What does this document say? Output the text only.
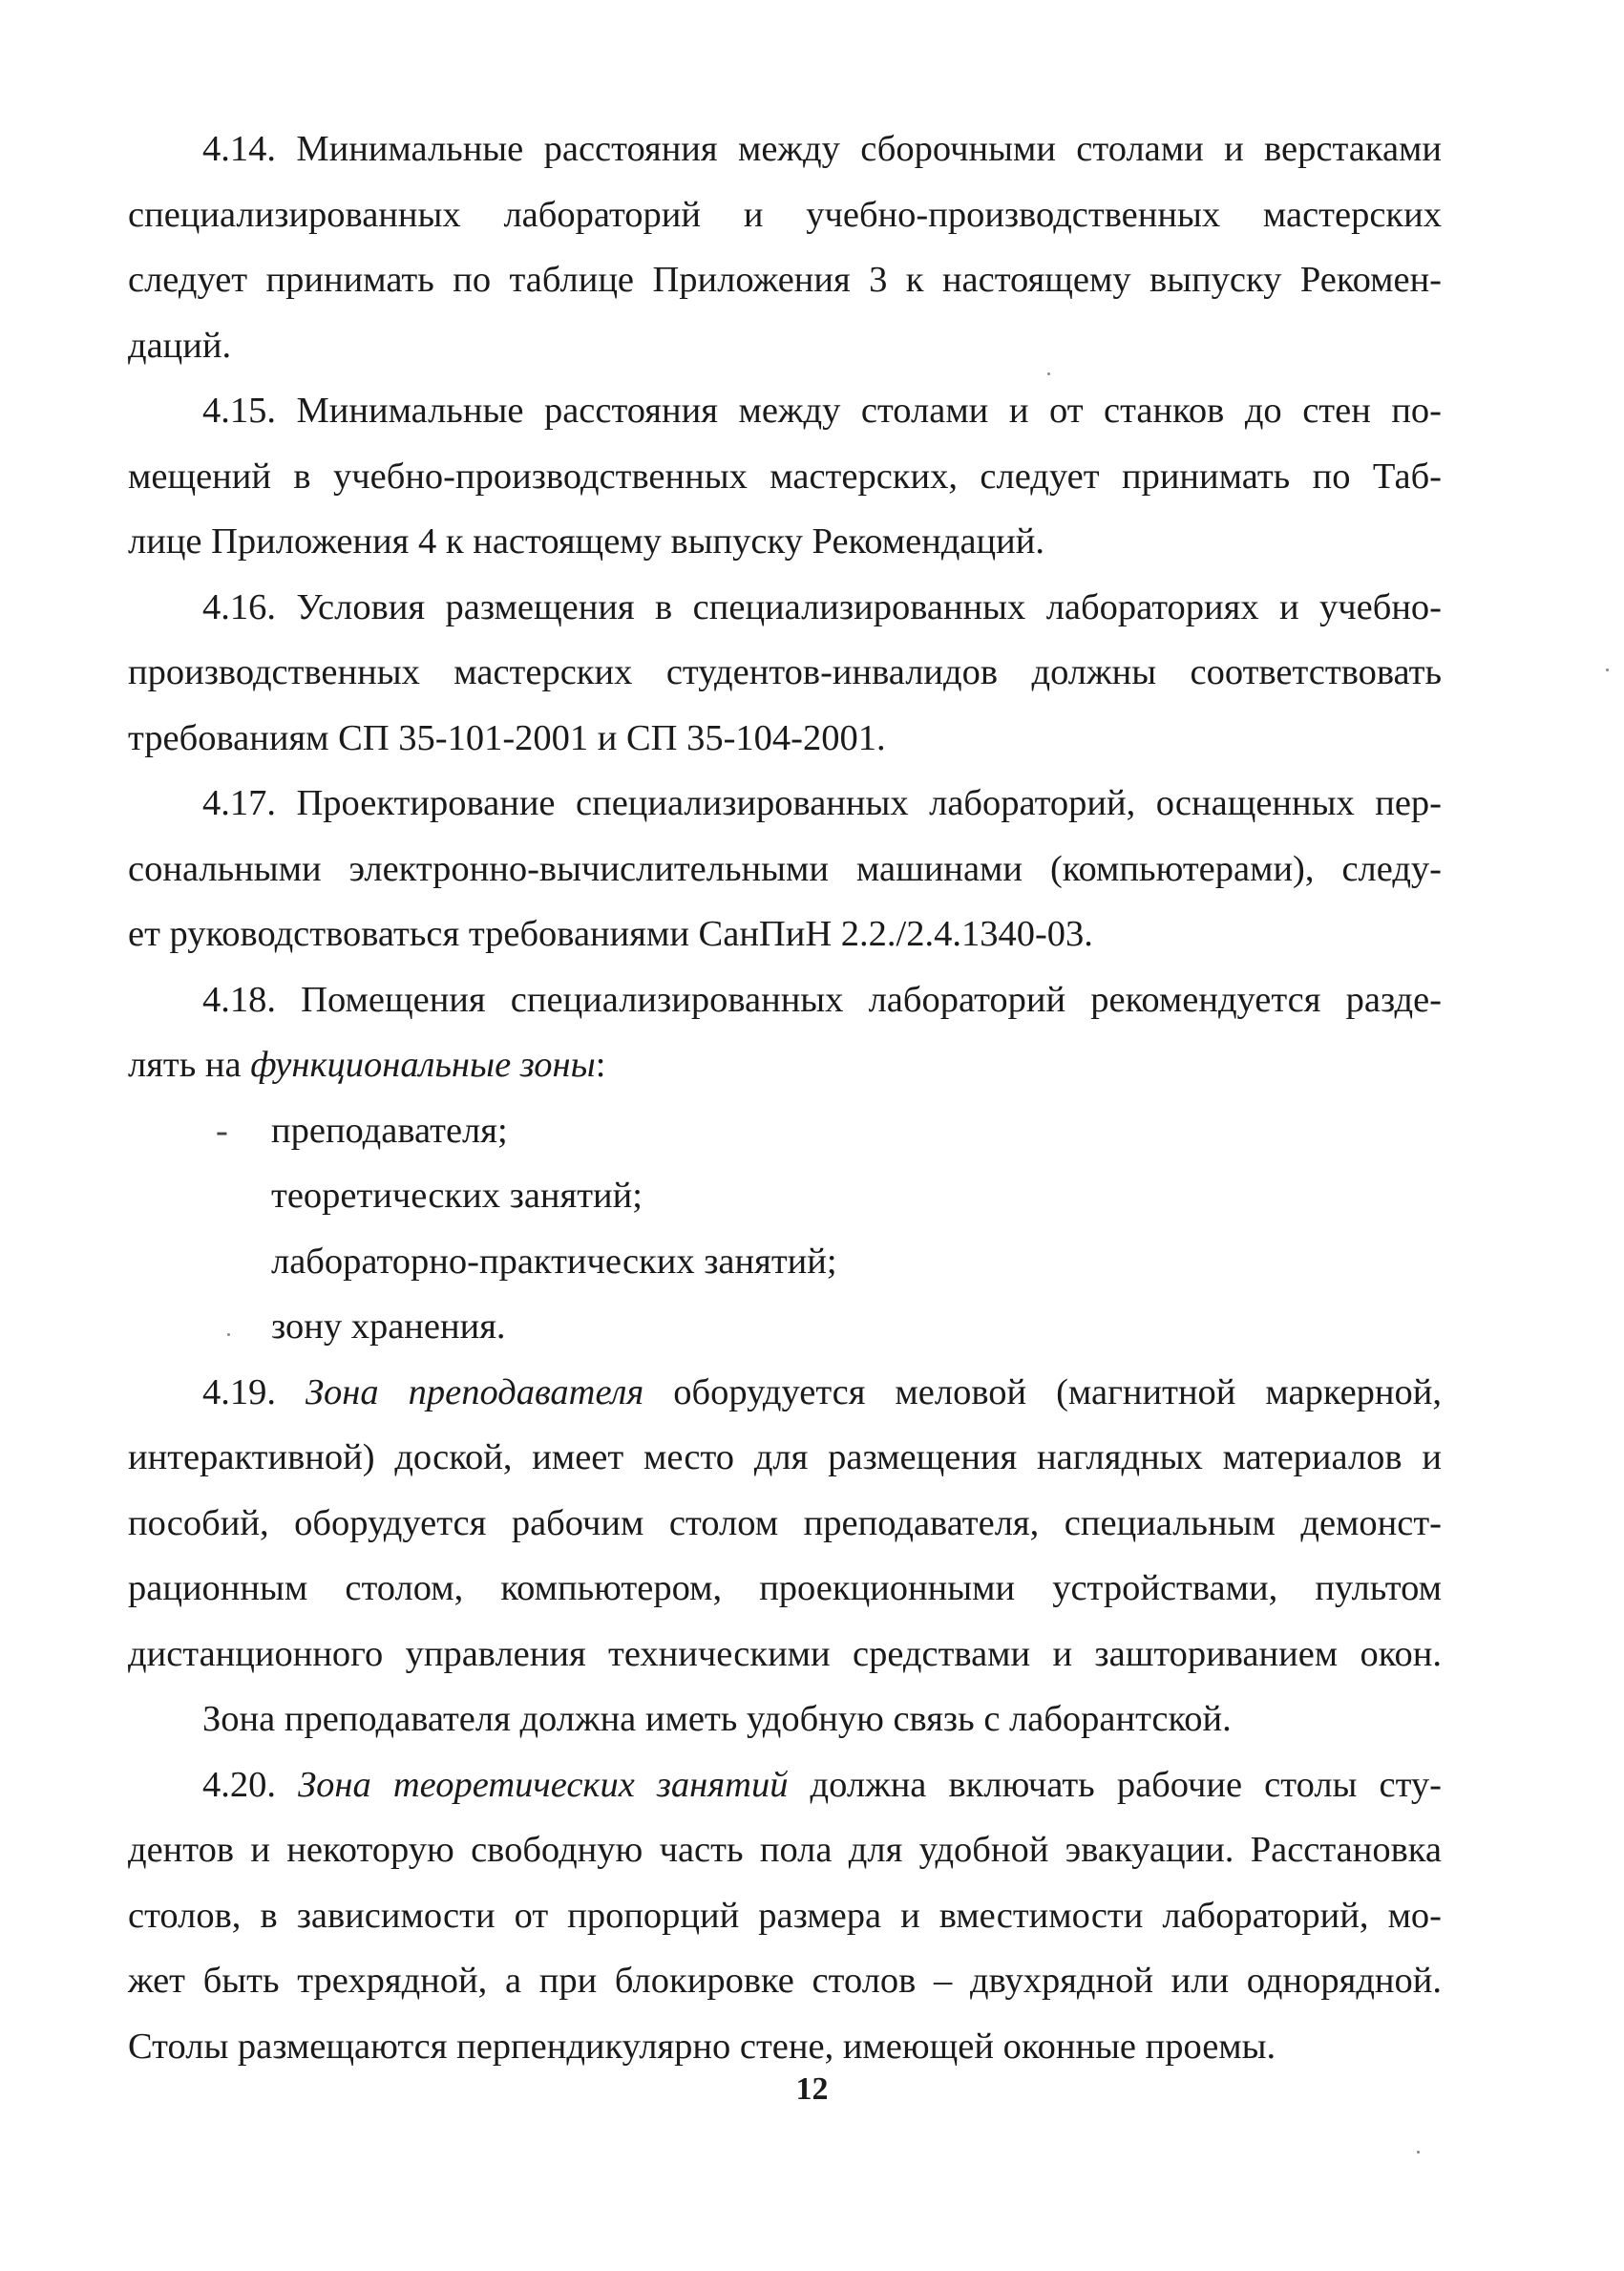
4.14. Минимальные расстояния между сборочными столами и верстаками
специализированных лабораторий и учебно-производственных мастерских
следует принимать по таблице Приложения 3 к настоящему выпуску Рекомен-
даций.

4.15. Минимальные расстояния между столами и от станков до стен по-
мещений в учебно-производственных мастерских, следует принимать по Таб-
лице Приложения 4 к настоящему выпуску Рекомендаций.

4.16. Условия размещения в специализированных лабораториях и учебно-
производственных мастерских студентов-инвалидов должны соответствовать
требованиям СП 35-101-2001 и СП 35-104-2001.

4.17. Проектирование специализированных лабораторий, оснащенных пер-
сональными электронно-вычислительными машинами (компьютерами), следу-
ет руководствоваться требованиями СанПиН 2.2./2.4.1340-03.

4.18. Помещения специализированных лабораторий рекомендуется разде-
лять на функциональные зоны:

- преподавателя;
теоретических занятий;
лабораторно-практических занятий;
зону хранения.

4.19. Зона преподавателя оборудуется меловой (магнитной маркерной,
интерактивной) доской, имеет место для размещения наглядных материалов и
пособий, оборудуется рабочим столом преподавателя, специальным демонст-
рационным столом, компьютером, проекционными устройствами, пультом
дистанционного управления техническими средствами и зашториванием окон.

Зона преподавателя должна иметь удобную связь с лаборантской.

4.20. Зона теоретических занятий должна включать рабочие столы сту-
дентов и некоторую свободную часть пола для удобной эвакуации. Расстановка
столов, в зависимости от пропорций размера и вместимости лабораторий, мо-
жет быть трехрядной, а при блокировке столов – двухрядной или однорядной.
Столы размещаются перпендикулярно стене, имеющей оконные проемы.

12
